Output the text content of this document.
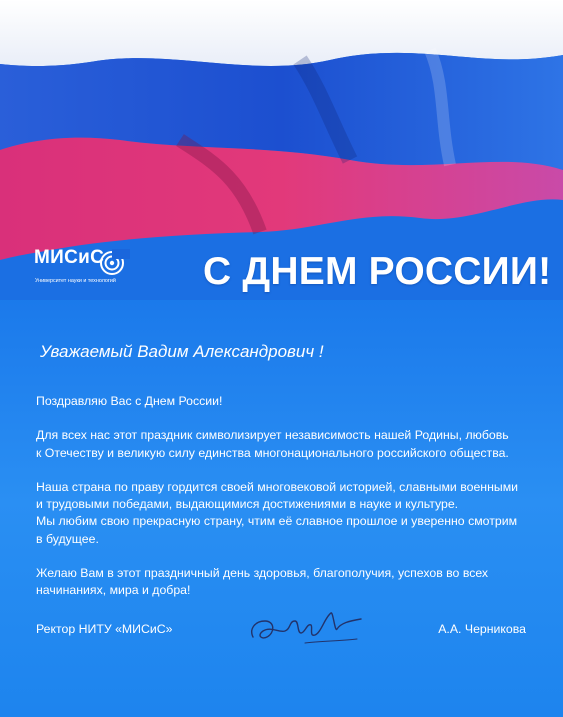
МИСиС
Университет науки и технологий С ДНЕМ РОССИИ!
Уважаемый Вадим Александрович !

Поздравляю Вас с Днем России!

Для всех нас этот праздник символизирует независимость нашей Родины, любовь
к Отечеству и великую силу единства многонационального российского общества.

Наша страна по праву гордится своей многовековой историей, славными военными
и трудовыми победами, выдающимися достижениями в науке и культуре.
Мы любим свою прекрасную страну, чтим её славное прошлое и уверенно смотрим
в будущее.

Желаю Вам в этот праздничный день здоровья, благополучия, успехов во всех
начинаниях, мира и добра!

Ректор НИТУ «МИСиС»	А.А. Черникова
